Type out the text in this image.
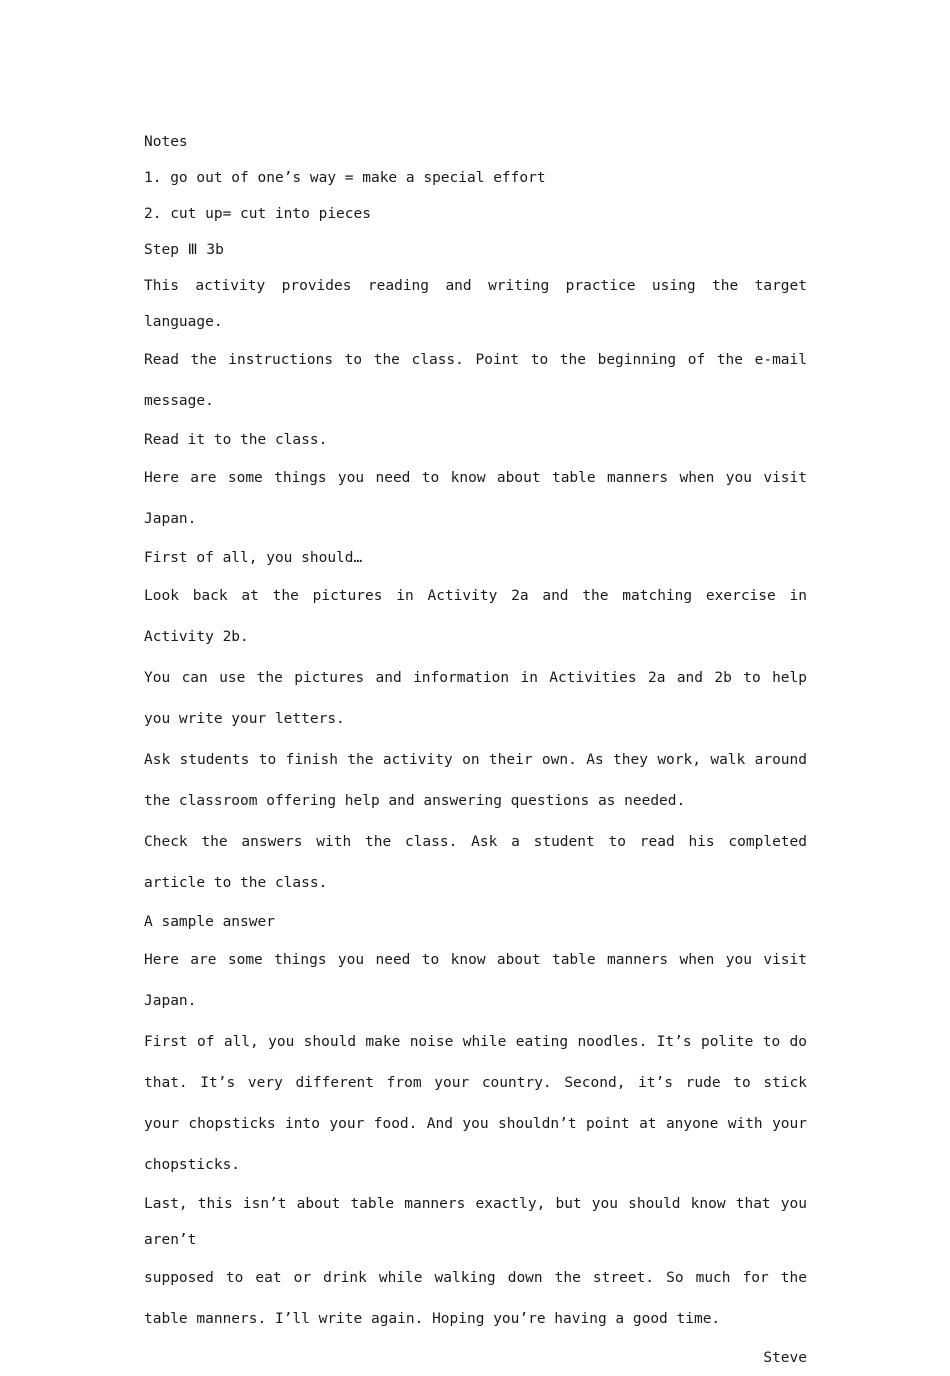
Notes

1. go out of one’s way = make a special effort

2. cut up= cut into pieces

Step Ⅲ 3b

This activity provides reading and writing practice using the target language.

Read the instructions to the class. Point to the beginning of the e-mail message.

Read it to the class.

Here are some things you need to know about table manners when you visit Japan.

First of all, you should…

Look back at the pictures in Activity 2a and the matching exercise in Activity 2b.

You can use the pictures and information in Activities 2a and 2b to help you write your letters.

Ask students to finish the activity on their own. As they work, walk around the classroom offering help and answering questions as needed.

Check the answers with the class. Ask a student to read his completed article to the class.

A sample answer

Here are some things you need to know about table manners when you visit Japan.

First of all, you should make noise while eating noodles. It’s polite to do that. It’s very different from your country. Second, it’s rude to stick your chopsticks into your food. And you shouldn’t point at anyone with your chopsticks.

Last, this isn’t about table manners exactly, but you should know that you aren’t

supposed to eat or drink while walking down the street. So much for the table manners. I’ll write again. Hoping you’re having a good time.

Steve
